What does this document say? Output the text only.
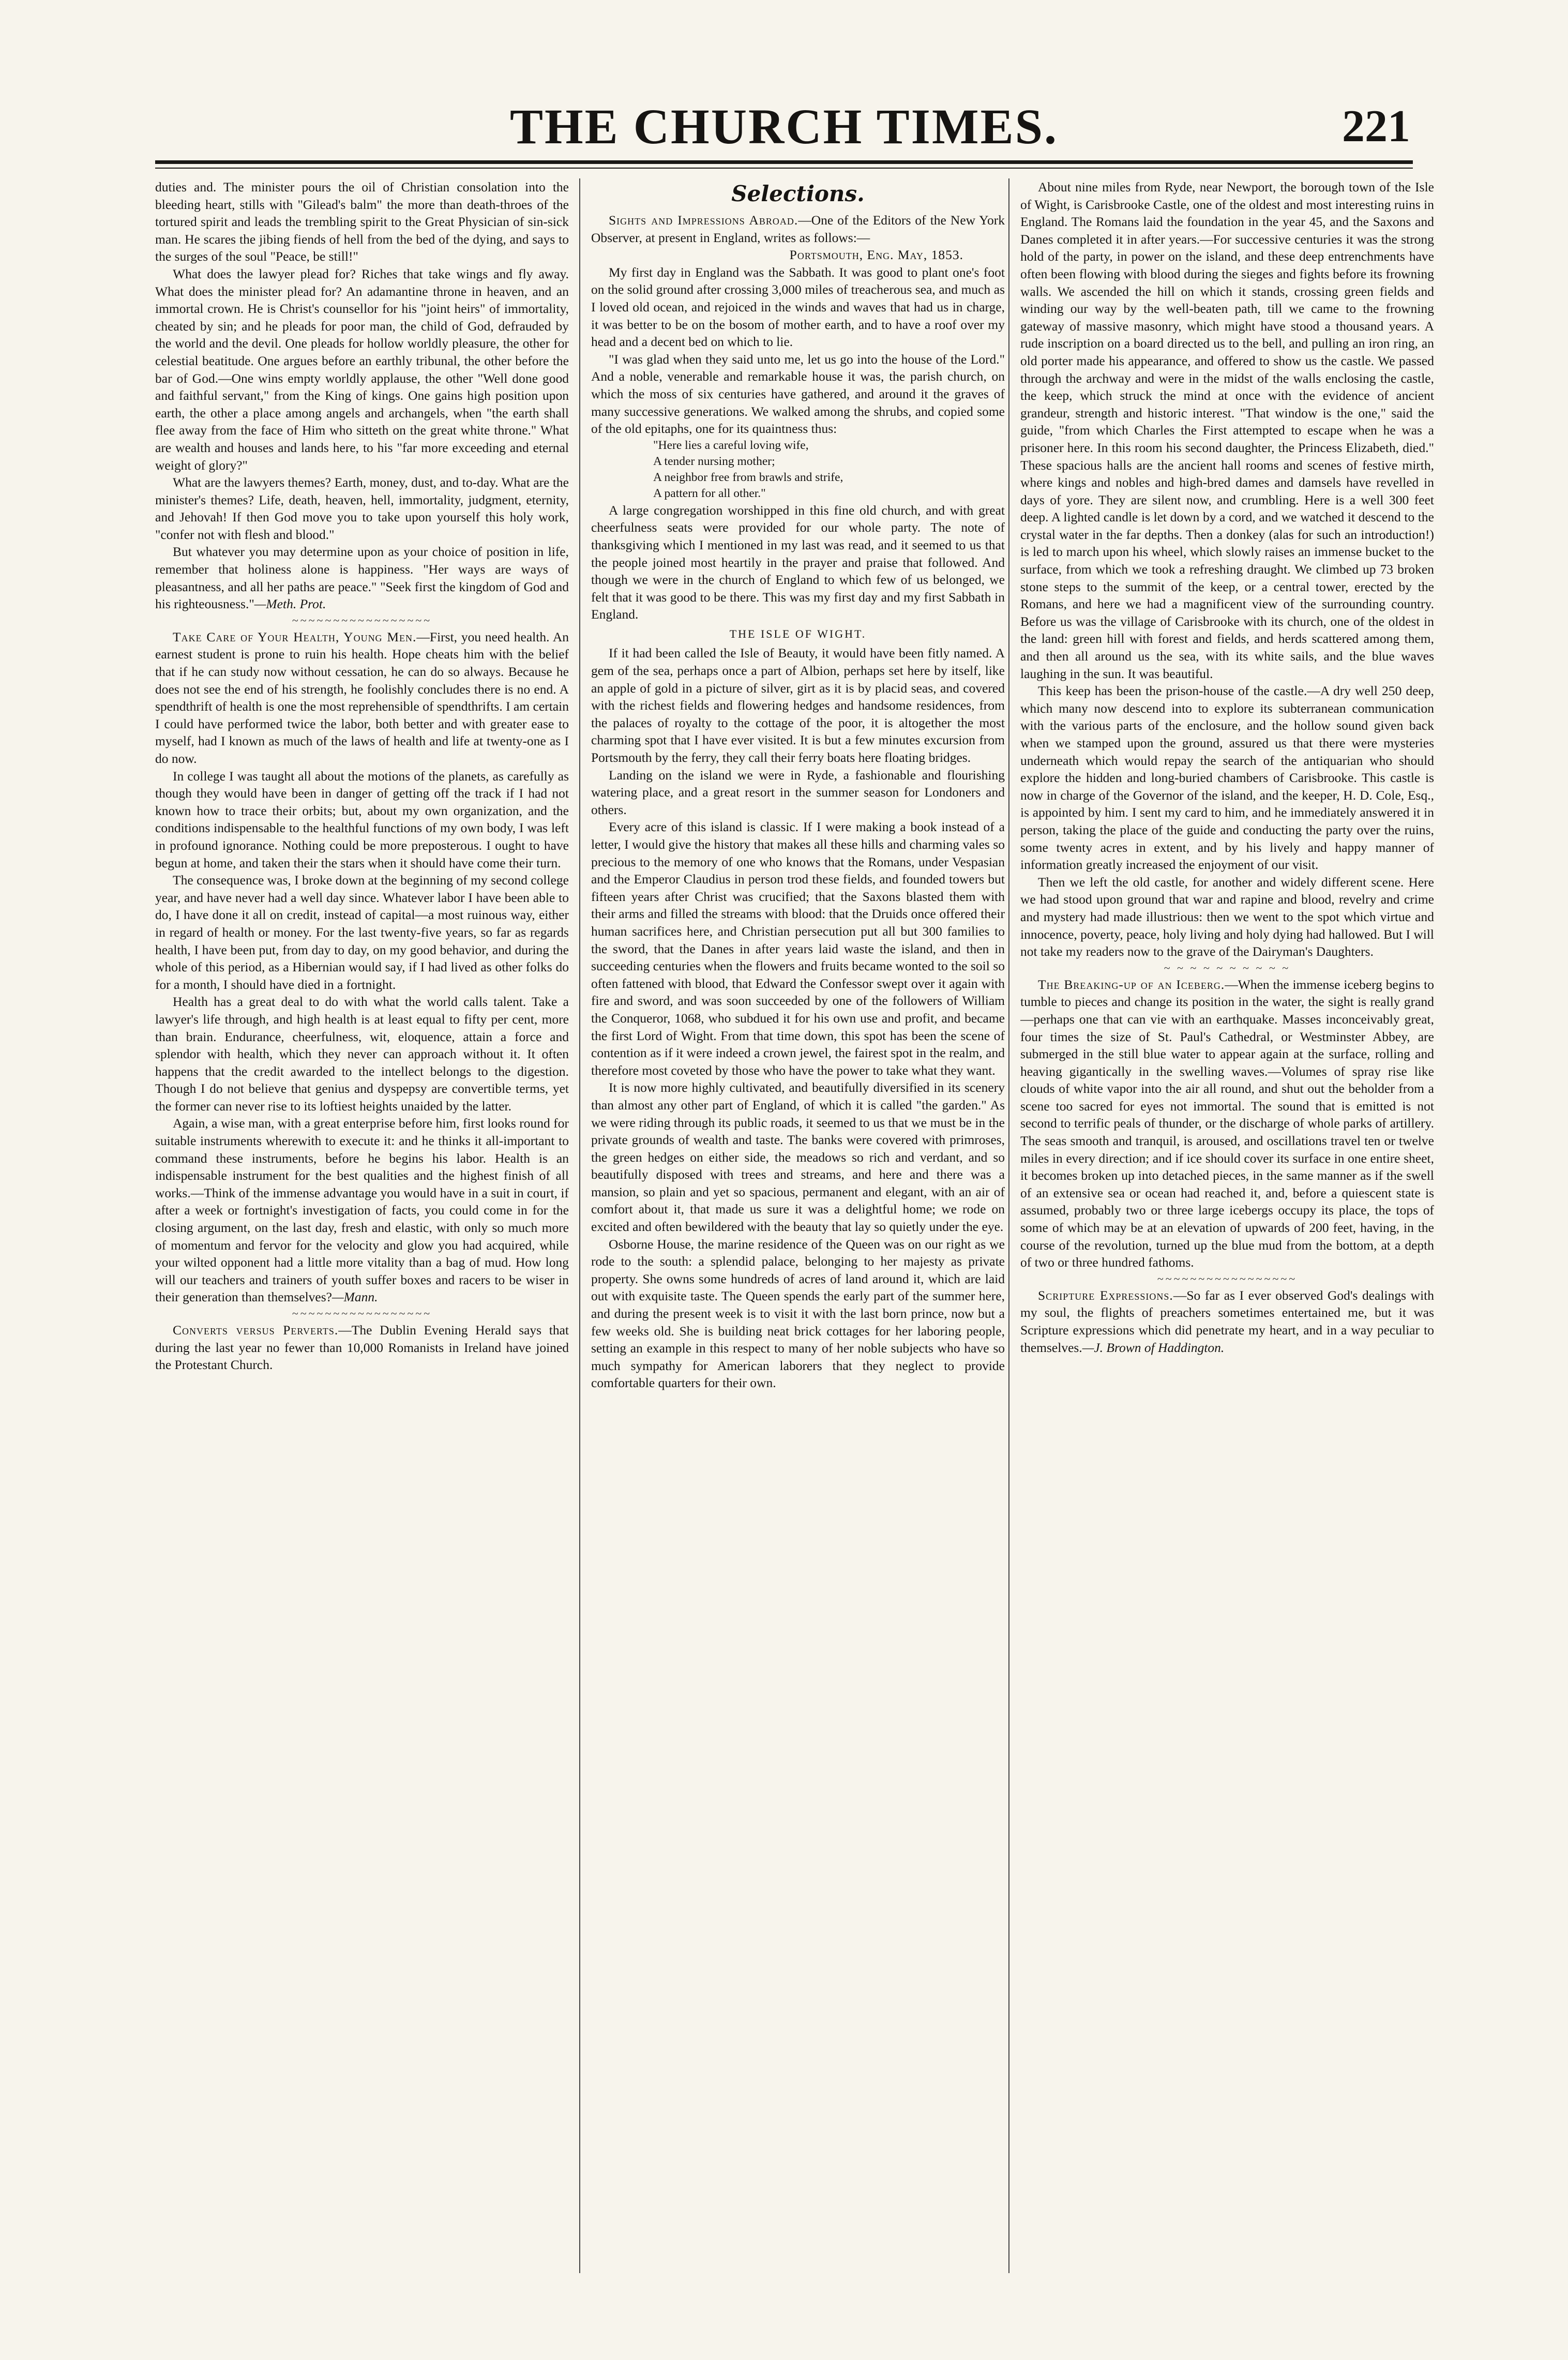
THE CHURCH TIMES.	221

duties and. The minister pours the oil of Christian consolation into the bleeding heart, stills with "Gilead's balm" the more than death-throes of the tortured spirit and leads the trembling spirit to the Great Physician of sin-sick man. He scares the jibing fiends of hell from the bed of the dying, and says to the surges of the soul "Peace, be still!"

What does the lawyer plead for? Riches that take wings and fly away. What does the minister plead for? An adamantine throne in heaven, and an immortal crown. He is Christ's counsellor for his "joint heirs" of immortality, cheated by sin; and he pleads for poor man, the child of God, defrauded by the world and the devil. One pleads for hollow worldly pleasure, the other for celestial beatitude. One argues before an earthly tribunal, the other before the bar of God.—One wins empty worldly applause, the other "Well done good and faithful servant," from the King of kings. One gains high position upon earth, the other a place among angels and archangels, when "the earth shall flee away from the face of Him who sitteth on the great white throne." What are wealth and houses and lands here, to his "far more exceeding and eternal weight of glory?"

What are the lawyers themes? Earth, money, dust, and to-day. What are the minister's themes? Life, death, heaven, hell, immortality, judgment, eternity, and Jehovah! If then God move you to take upon yourself this holy work, "confer not with flesh and blood."

But whatever you may determine upon as your choice of position in life, remember that holiness alone is happiness. "Her ways are ways of pleasantness, and all her paths are peace." "Seek first the kingdom of God and his righteousness."—Meth. Prot.

~~~~~~~~~~~~~~~~~

Take Care of Your Health, Young Men.—First, you need health. An earnest student is prone to ruin his health. Hope cheats him with the belief that if he can study now without cessation, he can do so always. Because he does not see the end of his strength, he foolishly concludes there is no end. A spendthrift of health is one the most reprehensible of spendthrifts. I am certain I could have performed twice the labor, both better and with greater ease to myself, had I known as much of the laws of health and life at twenty-one as I do now.

In college I was taught all about the motions of the planets, as carefully as though they would have been in danger of getting off the track if I had not known how to trace their orbits; but, about my own organization, and the conditions indispensable to the healthful functions of my own body, I was left in profound ignorance. Nothing could be more preposterous. I ought to have begun at home, and taken their the stars when it should have come their turn.

The consequence was, I broke down at the beginning of my second college year, and have never had a well day since. Whatever labor I have been able to do, I have done it all on credit, instead of capital—a most ruinous way, either in regard of health or money. For the last twenty-five years, so far as regards health, I have been put, from day to day, on my good behavior, and during the whole of this period, as a Hibernian would say, if I had lived as other folks do for a month, I should have died in a fortnight.

Health has a great deal to do with what the world calls talent. Take a lawyer's life through, and high health is at least equal to fifty per cent, more than brain. Endurance, cheerfulness, wit, eloquence, attain a force and splendor with health, which they never can approach without it. It often happens that the credit awarded to the intellect belongs to the digestion. Though I do not believe that genius and dyspepsy are convertible terms, yet the former can never rise to its loftiest heights unaided by the latter.

Again, a wise man, with a great enterprise before him, first looks round for suitable instruments wherewith to execute it: and he thinks it all-important to command these instruments, before he begins his labor. Health is an indispensable instrument for the best qualities and the highest finish of all works.—Think of the immense advantage you would have in a suit in court, if after a week or fortnight's investigation of facts, you could come in for the closing argument, on the last day, fresh and elastic, with only so much more of momentum and fervor for the velocity and glow you had acquired, while your wilted opponent had a little more vitality than a bag of mud. How long will our teachers and trainers of youth suffer boxes and racers to be wiser in their generation than themselves?—Mann.

~~~~~~~~~~~~~~~~~

Converts versus Perverts.—The Dublin Evening Herald says that during the last year no fewer than 10,000 Romanists in Ireland have joined the Protestant Church.

Selections.

Sights and Impressions Abroad.—One of the Editors of the New York Observer, at present in England, writes as follows:—

Portsmouth, Eng. May, 1853.

My first day in England was the Sabbath. It was good to plant one's foot on the solid ground after crossing 3,000 miles of treacherous sea, and much as I loved old ocean, and rejoiced in the winds and waves that had us in charge, it was better to be on the bosom of mother earth, and to have a roof over my head and a decent bed on which to lie.

"I was glad when they said unto me, let us go into the house of the Lord." And a noble, venerable and remarkable house it was, the parish church, on which the moss of six centuries have gathered, and around it the graves of many successive generations. We walked among the shrubs, and copied some of the old epitaphs, one for its quaintness thus:

"Here lies a careful loving wife,

A tender nursing mother;

A neighbor free from brawls and strife,

A pattern for all other."

A large congregation worshipped in this fine old church, and with great cheerfulness seats were provided for our whole party. The note of thanksgiving which I mentioned in my last was read, and it seemed to us that the people joined most heartily in the prayer and praise that followed. And though we were in the church of England to which few of us belonged, we felt that it was good to be there. This was my first day and my first Sabbath in England.

THE ISLE OF WIGHT.

If it had been called the Isle of Beauty, it would have been fitly named. A gem of the sea, perhaps once a part of Albion, perhaps set here by itself, like an apple of gold in a picture of silver, girt as it is by placid seas, and covered with the richest fields and flowering hedges and handsome residences, from the palaces of royalty to the cottage of the poor, it is altogether the most charming spot that I have ever visited. It is but a few minutes excursion from Portsmouth by the ferry, they call their ferry boats here floating bridges.

Landing on the island we were in Ryde, a fashionable and flourishing watering place, and a great resort in the summer season for Londoners and others.

Every acre of this island is classic. If I were making a book instead of a letter, I would give the history that makes all these hills and charming vales so precious to the memory of one who knows that the Romans, under Vespasian and the Emperor Claudius in person trod these fields, and founded towers but fifteen years after Christ was crucified; that the Saxons blasted them with their arms and filled the streams with blood: that the Druids once offered their human sacrifices here, and Christian persecution put all but 300 families to the sword, that the Danes in after years laid waste the island, and then in succeeding centuries when the flowers and fruits became wonted to the soil so often fattened with blood, that Edward the Confessor swept over it again with fire and sword, and was soon succeeded by one of the followers of William the Conqueror, 1068, who subdued it for his own use and profit, and became the first Lord of Wight. From that time down, this spot has been the scene of contention as if it were indeed a crown jewel, the fairest spot in the realm, and therefore most coveted by those who have the power to take what they want.

It is now more highly cultivated, and beautifully diversified in its scenery than almost any other part of England, of which it is called "the garden." As we were riding through its public roads, it seemed to us that we must be in the private grounds of wealth and taste. The banks were covered with primroses, the green hedges on either side, the meadows so rich and verdant, and so beautifully disposed with trees and streams, and here and there was a mansion, so plain and yet so spacious, permanent and elegant, with an air of comfort about it, that made us sure it was a delightful home; we rode on excited and often bewildered with the beauty that lay so quietly under the eye.

Osborne House, the marine residence of the Queen was on our right as we rode to the south: a splendid palace, belonging to her majesty as private property. She owns some hundreds of acres of land around it, which are laid out with exquisite taste. The Queen spends the early part of the summer here, and during the present week is to visit it with the last born prince, now but a few weeks old. She is building neat brick cottages for her laboring people, setting an example in this respect to many of her noble subjects who have so much sympathy for American laborers that they neglect to provide comfortable quarters for their own.

About nine miles from Ryde, near Newport, the borough town of the Isle of Wight, is Carisbrooke Castle, one of the oldest and most interesting ruins in England. The Romans laid the foundation in the year 45, and the Saxons and Danes completed it in after years.—For successive centuries it was the strong hold of the party, in power on the island, and these deep entrenchments have often been flowing with blood during the sieges and fights before its frowning walls. We ascended the hill on which it stands, crossing green fields and winding our way by the well-beaten path, till we came to the frowning gateway of massive masonry, which might have stood a thousand years. A rude inscription on a board directed us to the bell, and pulling an iron ring, an old porter made his appearance, and offered to show us the castle. We passed through the archway and were in the midst of the walls enclosing the castle, the keep, which struck the mind at once with the evidence of ancient grandeur, strength and historic interest. "That window is the one," said the guide, "from which Charles the First attempted to escape when he was a prisoner here. In this room his second daughter, the Princess Elizabeth, died." These spacious halls are the ancient hall rooms and scenes of festive mirth, where kings and nobles and high-bred dames and damsels have revelled in days of yore. They are silent now, and crumbling. Here is a well 300 feet deep. A lighted candle is let down by a cord, and we watched it descend to the crystal water in the far depths. Then a donkey (alas for such an introduction!) is led to march upon his wheel, which slowly raises an immense bucket to the surface, from which we took a refreshing draught. We climbed up 73 broken stone steps to the summit of the keep, or a central tower, erected by the Romans, and here we had a magnificent view of the surrounding country. Before us was the village of Carisbrooke with its church, one of the oldest in the land: green hill with forest and fields, and herds scattered among them, and then all around us the sea, with its white sails, and the blue waves laughing in the sun. It was beautiful.

This keep has been the prison-house of the castle.—A dry well 250 deep, which many now descend into to explore its subterranean communication with the various parts of the enclosure, and the hollow sound given back when we stamped upon the ground, assured us that there were mysteries underneath which would repay the search of the antiquarian who should explore the hidden and long-buried chambers of Carisbrooke. This castle is now in charge of the Governor of the island, and the keeper, H. D. Cole, Esq., is appointed by him. I sent my card to him, and he immediately answered it in person, taking the place of the guide and conducting the party over the ruins, some twenty acres in extent, and by his lively and happy manner of information greatly increased the enjoyment of our visit.

Then we left the old castle, for another and widely different scene. Here we had stood upon ground that war and rapine and blood, revelry and crime and mystery had made illustrious: then we went to the spot which virtue and innocence, poverty, peace, holy living and holy dying had hallowed. But I will not take my readers now to the grave of the Dairyman's Daughters.

~ ~ ~ ~ ~ ~ ~ ~ ~ ~

The Breaking-up of an Iceberg.—When the immense iceberg begins to tumble to pieces and change its position in the water, the sight is really grand—perhaps one that can vie with an earthquake. Masses inconceivably great, four times the size of St. Paul's Cathedral, or Westminster Abbey, are submerged in the still blue water to appear again at the surface, rolling and heaving gigantically in the swelling waves.—Volumes of spray rise like clouds of white vapor into the air all round, and shut out the beholder from a scene too sacred for eyes not immortal. The sound that is emitted is not second to terrific peals of thunder, or the discharge of whole parks of artillery. The seas smooth and tranquil, is aroused, and oscillations travel ten or twelve miles in every direction; and if ice should cover its surface in one entire sheet, it becomes broken up into detached pieces, in the same manner as if the swell of an extensive sea or ocean had reached it, and, before a quiescent state is assumed, probably two or three large icebergs occupy its place, the tops of some of which may be at an elevation of upwards of 200 feet, having, in the course of the revolution, turned up the blue mud from the bottom, at a depth of two or three hundred fathoms.

~~~~~~~~~~~~~~~~~

Scripture Expressions.—So far as I ever observed God's dealings with my soul, the flights of preachers sometimes entertained me, but it was Scripture expressions which did penetrate my heart, and in a way peculiar to themselves.—J. Brown of Haddington.
